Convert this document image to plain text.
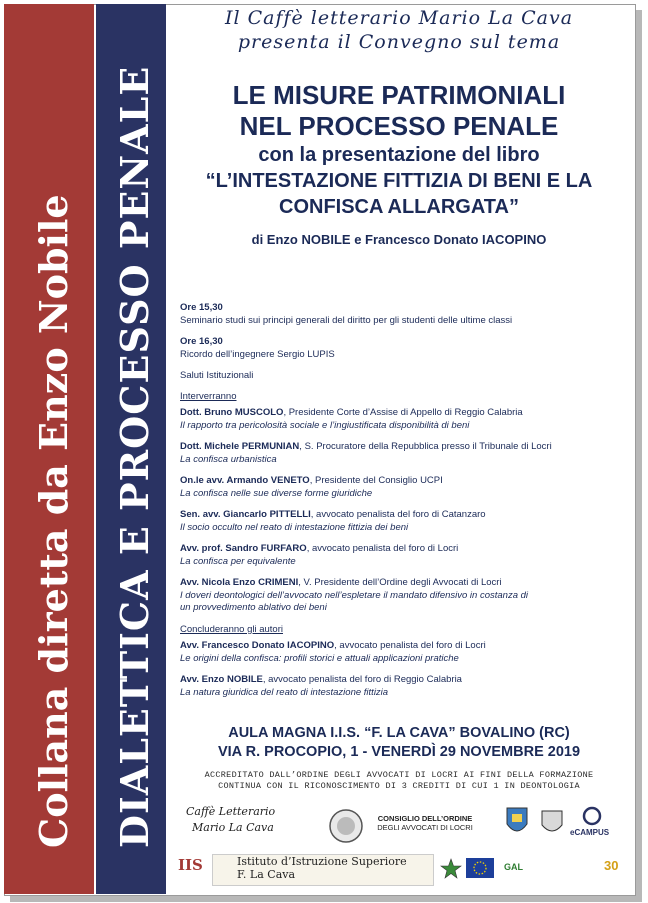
Collana diretta da Enzo Nobile DIALETTICA E PROCESSO PENALE
Il Caffè letterario Mario La Cava
presenta il Convegno sul tema
LE MISURE PATRIMONIALI
NEL PROCESSO PENALE
con la presentazione del libro
“L’INTESTAZIONE FITTIZIA DI BENI E LA
CONFISCA ALLARGATA”
di Enzo NOBILE e Francesco Donato IACOPINO
Ore 15,30
Seminario studi sui principi generali del diritto per gli studenti delle ultime classi
Ore 16,30
Ricordo dell’ingegnere Sergio LUPIS
Saluti Istituzionali
Interverranno
Dott. Bruno MUSCOLO, Presidente Corte d’Assise di Appello di Reggio Calabria
Il rapporto tra pericolosità sociale e l’ingiustificata disponibilità di beni
Dott. Michele PERMUNIAN, S. Procuratore della Repubblica presso il Tribunale di Locri
La confisca urbanistica
On.le avv. Armando VENETO, Presidente del Consiglio UCPI
La confisca nelle sue diverse forme giuridiche
Sen. avv. Giancarlo PITTELLI, avvocato penalista del foro di Catanzaro
Il socio occulto nel reato di intestazione fittizia dei beni
Avv. prof. Sandro FURFARO, avvocato penalista del foro di Locri
La confisca per equivalente
Avv. Nicola Enzo CRIMENI, V. Presidente dell’Ordine degli Avvocati di Locri
I doveri deontologici dell’avvocato nell’espletare il mandato difensivo in costanza di
un provvedimento ablativo dei beni
Concluderanno gli autori
Avv. Francesco Donato IACOPINO, avvocato penalista del foro di Locri
Le origini della confisca: profili storici e attuali applicazioni pratiche
Avv. Enzo NOBILE, avvocato penalista del foro di Reggio Calabria
La natura giuridica del reato di intestazione fittizia
AULA MAGNA I.I.S. “F. LA CAVA” BOVALINO (RC)
VIA R. PROCOPIO, 1 - VENERDÌ 29 NOVEMBRE 2019
ACCREDITATO DALL’ORDINE DEGLI AVVOCATI DI LOCRI AI FINI DELLA FORMAZIONE
CONTINUA CON IL RICONOSCIMENTO DI 3 CREDITI DI CUI 1 IN DEONTOLOGIA
Caffè Letterario
Mario La Cava
CONSIGLIO DELL’ORDINE
DEGLI AVVOCATI DI LOCRI
eCAMPUS
IIS	Istituto d’Istruzione Superiore
F. La Cava
GAL	30
